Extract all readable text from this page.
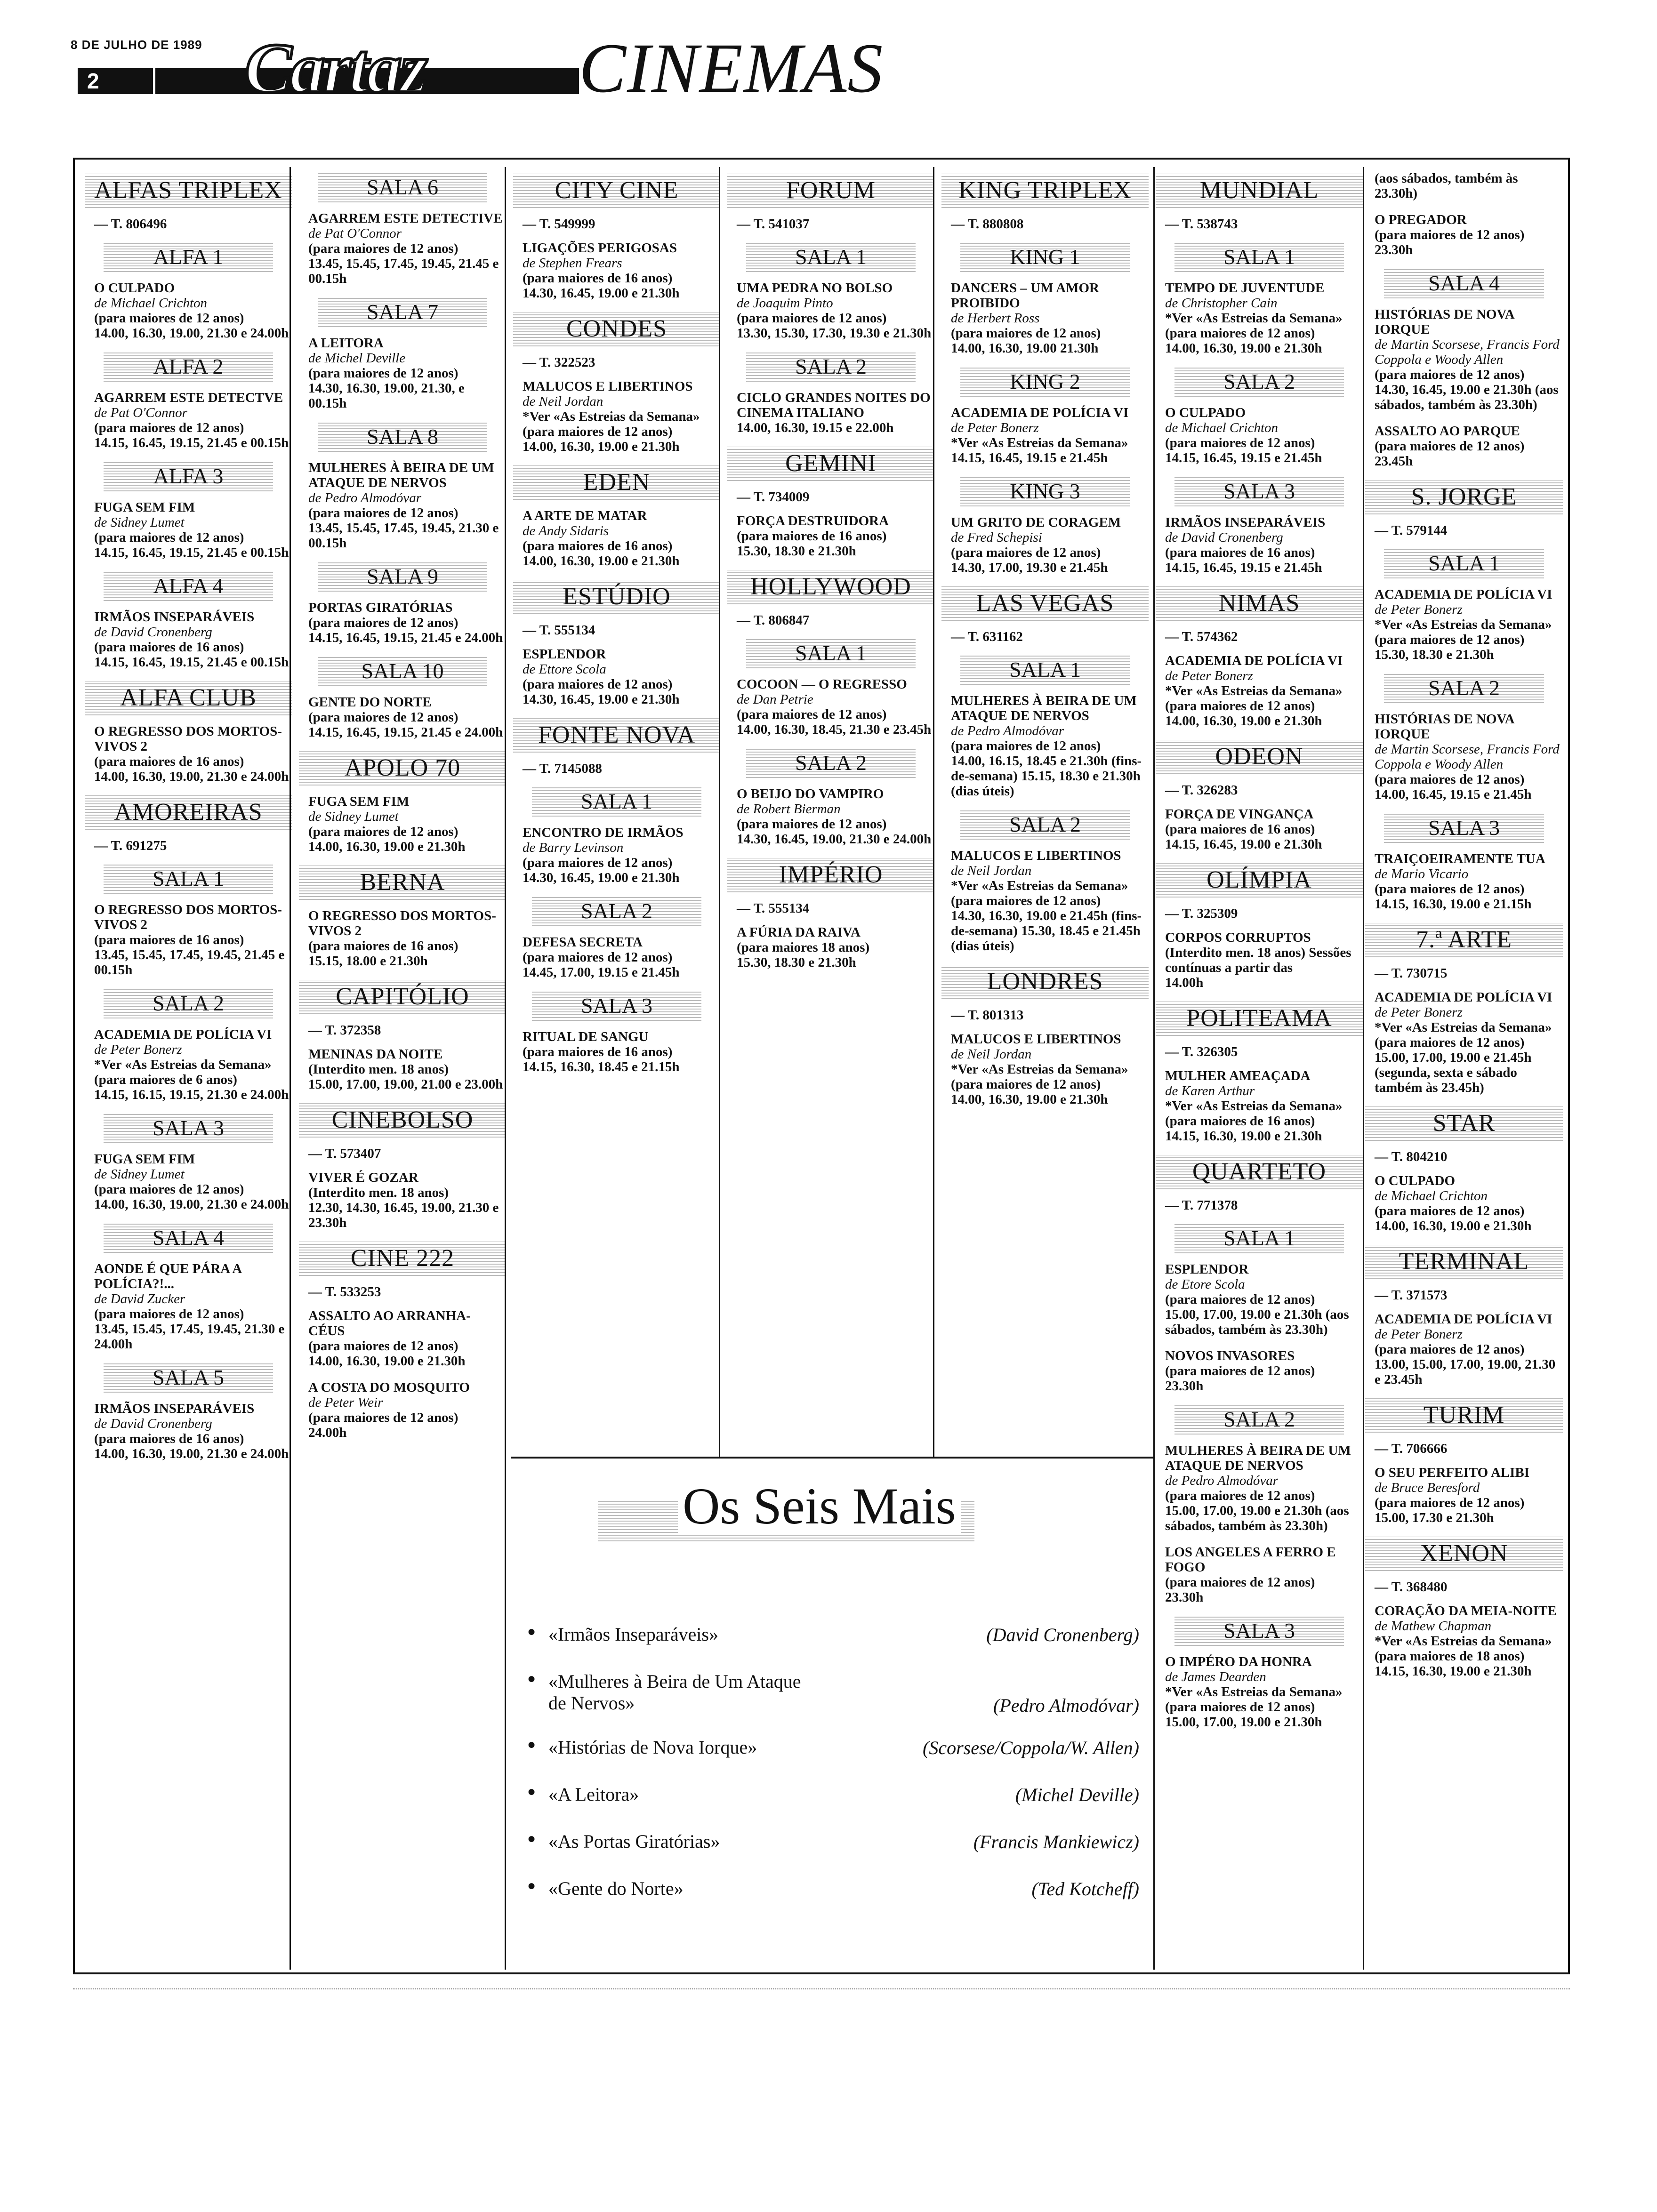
8 DE JULHO DE 1989
2	Cartaz CINEMAS
ALFAS TRIPLEX
— T. 806496
ALFA 1
O CULPADO
de Michael Crichton
(para maiores de 12 anos)
14.00, 16.30, 19.00, 21.30 e 24.00h
ALFA 2
AGARREM ESTE DETECTVE
de Pat O'Connor
(para maiores de 12 anos)
14.15, 16.45, 19.15, 21.45 e 00.15h
ALFA 3
FUGA SEM FIM
de Sidney Lumet
(para maiores de 12 anos)
14.15, 16.45, 19.15, 21.45 e 00.15h
ALFA 4
IRMÃOS INSEPARÁVEIS
de David Cronenberg
(para maiores de 16 anos)
14.15, 16.45, 19.15, 21.45 e 00.15h
ALFA CLUB
O REGRESSO DOS MORTOS-VIVOS 2
(para maiores de 16 anos)
14.00, 16.30, 19.00, 21.30 e 24.00h
AMOREIRAS
— T. 691275
SALA 1
O REGRESSO DOS MORTOS-VIVOS 2
(para maiores de 16 anos)
13.45, 15.45, 17.45, 19.45, 21.45 e 00.15h
SALA 2
ACADEMIA DE POLÍCIA VI
de Peter Bonerz
*Ver «As Estreias da Semana» (para maiores de 6 anos)
14.15, 16.15, 19.15, 21.30 e 24.00h
SALA 3
FUGA SEM FIM
de Sidney Lumet
(para maiores de 12 anos)
14.00, 16.30, 19.00, 21.30 e 24.00h
SALA 4
AONDE É QUE PÁRA A POLÍCIA?!...
de David Zucker
(para maiores de 12 anos)
13.45, 15.45, 17.45, 19.45, 21.30 e 24.00h
SALA 5
IRMÃOS INSEPARÁVEIS
de David Cronenberg
(para maiores de 16 anos)
14.00, 16.30, 19.00, 21.30 e 24.00h
SALA 6
AGARREM ESTE DETECTIVE
de Pat O'Connor
(para maiores de 12 anos)
13.45, 15.45, 17.45, 19.45, 21.45 e 00.15h
SALA 7
A LEITORA
de Michel Deville
(para maiores de 12 anos)
14.30, 16.30, 19.00, 21.30, e 00.15h
SALA 8
MULHERES À BEIRA DE UM ATAQUE DE NERVOS
de Pedro Almodóvar
(para maiores de 12 anos)
13.45, 15.45, 17.45, 19.45, 21.30 e 00.15h
SALA 9
PORTAS GIRATÓRIAS
(para maiores de 12 anos)
14.15, 16.45, 19.15, 21.45 e 24.00h
SALA 10
GENTE DO NORTE
(para maiores de 12 anos)
14.15, 16.45, 19.15, 21.45 e 24.00h
APOLO 70
FUGA SEM FIM
de Sidney Lumet
(para maiores de 12 anos)
14.00, 16.30, 19.00 e 21.30h
BERNA
O REGRESSO DOS MORTOS-VIVOS 2
(para maiores de 16 anos)
15.15, 18.00 e 21.30h
CAPITÓLIO
— T. 372358
MENINAS DA NOITE
(Interdito men. 18 anos)
15.00, 17.00, 19.00, 21.00 e 23.00h
CINEBOLSO
— T. 573407
VIVER É GOZAR
(Interdito men. 18 anos)
12.30, 14.30, 16.45, 19.00, 21.30 e 23.30h
CINE 222
— T. 533253
ASSALTO AO ARRANHA-CÉUS
(para maiores de 12 anos)
14.00, 16.30, 19.00 e 21.30h
A COSTA DO MOSQUITO
de Peter Weir
(para maiores de 12 anos)
24.00h
CITY CINE
— T. 549999
LIGAÇÕES PERIGOSAS
de Stephen Frears
(para maiores de 16 anos)
14.30, 16.45, 19.00 e 21.30h
CONDES
— T. 322523
MALUCOS E LIBERTINOS
de Neil Jordan
*Ver «As Estreias da Semana» (para maiores de 12 anos)
14.00, 16.30, 19.00 e 21.30h
EDEN
A ARTE DE MATAR
de Andy Sidaris
(para maiores de 16 anos)
14.00, 16.30, 19.00 e 21.30h
ESTÚDIO
— T. 555134
ESPLENDOR
de Ettore Scola
(para maiores de 12 anos)
14.30, 16.45, 19.00 e 21.30h
FONTE NOVA
— T. 7145088
SALA 1
ENCONTRO DE IRMÃOS
de Barry Levinson
(para maiores de 12 anos)
14.30, 16.45, 19.00 e 21.30h
SALA 2
DEFESA SECRETA
(para maiores de 12 anos)
14.45, 17.00, 19.15 e 21.45h
SALA 3
RITUAL DE SANGU
(para maiores de 16 anos)
14.15, 16.30, 18.45 e 21.15h
FORUM
— T. 541037
SALA 1
UMA PEDRA NO BOLSO
de Joaquim Pinto
(para maiores de 12 anos)
13.30, 15.30, 17.30, 19.30 e 21.30h
SALA 2
CICLO GRANDES NOITES DO CINEMA ITALIANO
14.00, 16.30, 19.15 e 22.00h
GEMINI
— T. 734009
FORÇA DESTRUIDORA
(para maiores de 16 anos)
15.30, 18.30 e 21.30h
HOLLYWOOD
— T. 806847
SALA 1
COCOON — O REGRESSO
de Dan Petrie
(para maiores de 12 anos)
14.00, 16.30, 18.45, 21.30 e 23.45h
SALA 2
O BEIJO DO VAMPIRO
de Robert Bierman
(para maiores de 12 anos)
14.30, 16.45, 19.00, 21.30 e 24.00h
IMPÉRIO
— T. 555134
A FÚRIA DA RAIVA
(para maiores 18 anos)
15.30, 18.30 e 21.30h
KING TRIPLEX
— T. 880808
KING 1
DANCERS – UM AMOR PROIBIDO
de Herbert Ross
(para maiores de 12 anos)
14.00, 16.30, 19.00 21.30h
KING 2
ACADEMIA DE POLÍCIA VI
de Peter Bonerz
*Ver «As Estreias da Semana»
14.15, 16.45, 19.15 e 21.45h
KING 3
UM GRITO DE CORAGEM
de Fred Schepisi
(para maiores de 12 anos)
14.30, 17.00, 19.30 e 21.45h
LAS VEGAS
— T. 631162
SALA 1
MULHERES À BEIRA DE UM ATAQUE DE NERVOS
de Pedro Almodóvar
(para maiores de 12 anos)
14.00, 16.15, 18.45 e 21.30h (fins-de-semana) 15.15, 18.30 e 21.30h (dias úteis)
SALA 2
MALUCOS E LIBERTINOS
de Neil Jordan
*Ver «As Estreias da Semana» (para maiores de 12 anos)
14.30, 16.30, 19.00 e 21.45h (fins-de-semana) 15.30, 18.45 e 21.45h (dias úteis)
LONDRES
— T. 801313
MALUCOS E LIBERTINOS
de Neil Jordan
*Ver «As Estreias da Semana» (para maiores de 12 anos)
14.00, 16.30, 19.00 e 21.30h
MUNDIAL
— T. 538743
SALA 1
TEMPO DE JUVENTUDE
de Christopher Cain
*Ver «As Estreias da Semana» (para maiores de 12 anos)
14.00, 16.30, 19.00 e 21.30h
SALA 2
O CULPADO
de Michael Crichton
(para maiores de 12 anos)
14.15, 16.45, 19.15 e 21.45h
SALA 3
IRMÃOS INSEPARÁVEIS
de David Cronenberg
(para maiores de 16 anos)
14.15, 16.45, 19.15 e 21.45h
NIMAS
— T. 574362
ACADEMIA DE POLÍCIA VI
de Peter Bonerz
*Ver «As Estreias da Semana» (para maiores de 12 anos)
14.00, 16.30, 19.00 e 21.30h
ODEON
— T. 326283
FORÇA DE VINGANÇA
(para maiores de 16 anos)
14.15, 16.45, 19.00 e 21.30h
OLÍMPIA
— T. 325309
CORPOS CORRUPTOS
(Interdito men. 18 anos) Sessões contínuas a partir das
14.00h
POLITEAMA
— T. 326305
MULHER AMEAÇADA
de Karen Arthur
*Ver «As Estreias da Semana» (para maiores de 16 anos)
14.15, 16.30, 19.00 e 21.30h
QUARTETO
— T. 771378
SALA 1
ESPLENDOR
de Etore Scola
(para maiores de 12 anos)
15.00, 17.00, 19.00 e 21.30h (aos sábados, também às 23.30h)
NOVOS INVASORES
(para maiores de 12 anos)
23.30h
SALA 2
MULHERES À BEIRA DE UM ATAQUE DE NERVOS
de Pedro Almodóvar
(para maiores de 12 anos)
15.00, 17.00, 19.00 e 21.30h (aos sábados, também às 23.30h)
LOS ANGELES A FERRO E FOGO
(para maiores de 12 anos)
23.30h
SALA 3
O IMPÉRO DA HONRA
de James Dearden
*Ver «As Estreias da Semana» (para maiores de 12 anos)
15.00, 17.00, 19.00 e 21.30h
(aos sábados, também às 23.30h)
O PREGADOR
(para maiores de 12 anos)
23.30h
SALA 4
HISTÓRIAS DE NOVA IORQUE
de Martin Scorsese, Francis Ford Coppola e Woody Allen
(para maiores de 12 anos)
14.30, 16.45, 19.00 e 21.30h (aos sábados, também às 23.30h)
ASSALTO AO PARQUE
(para maiores de 12 anos)
23.45h
S. JORGE
— T. 579144
SALA 1
ACADEMIA DE POLÍCIA VI
de Peter Bonerz
*Ver «As Estreias da Semana» (para maiores de 12 anos)
15.30, 18.30 e 21.30h
SALA 2
HISTÓRIAS DE NOVA IORQUE
de Martin Scorsese, Francis Ford Coppola e Woody Allen
(para maiores de 12 anos)
14.00, 16.45, 19.15 e 21.45h
SALA 3
TRAIÇOEIRAMENTE TUA
de Mario Vicario
(para maiores de 12 anos)
14.15, 16.30, 19.00 e 21.15h
7.ª ARTE
— T. 730715
ACADEMIA DE POLÍCIA VI
de Peter Bonerz
*Ver «As Estreias da Semana» (para maiores de 12 anos)
15.00, 17.00, 19.00 e 21.45h (segunda, sexta e sábado também às 23.45h)
STAR
— T. 804210
O CULPADO
de Michael Crichton
(para maiores de 12 anos)
14.00, 16.30, 19.00 e 21.30h
TERMINAL
— T. 371573
ACADEMIA DE POLÍCIA VI
de Peter Bonerz
(para maiores de 12 anos)
13.00, 15.00, 17.00, 19.00, 21.30 e 23.45h
TURIM
— T. 706666
O SEU PERFEITO ALIBI
de Bruce Beresford
(para maiores de 12 anos)
15.00, 17.30 e 21.30h
XENON
— T. 368480
CORAÇÃO DA MEIA-NOITE
de Mathew Chapman
*Ver «As Estreias da Semana» (para maiores de 18 anos)
14.15, 16.30, 19.00 e 21.30h
Os Seis Mais
● «Irmãos Inseparáveis»	(David Cronenberg)
● «Mulheres à Beira de Um Ataque de Nervos»	(Pedro Almodóvar)
● «Histórias de Nova Iorque»	(Scorsese/Coppola/W. Allen)
● «A Leitora»	(Michel Deville)
● «As Portas Giratórias»	(Francis Mankiewicz)
● «Gente do Norte»	(Ted Kotcheff)
